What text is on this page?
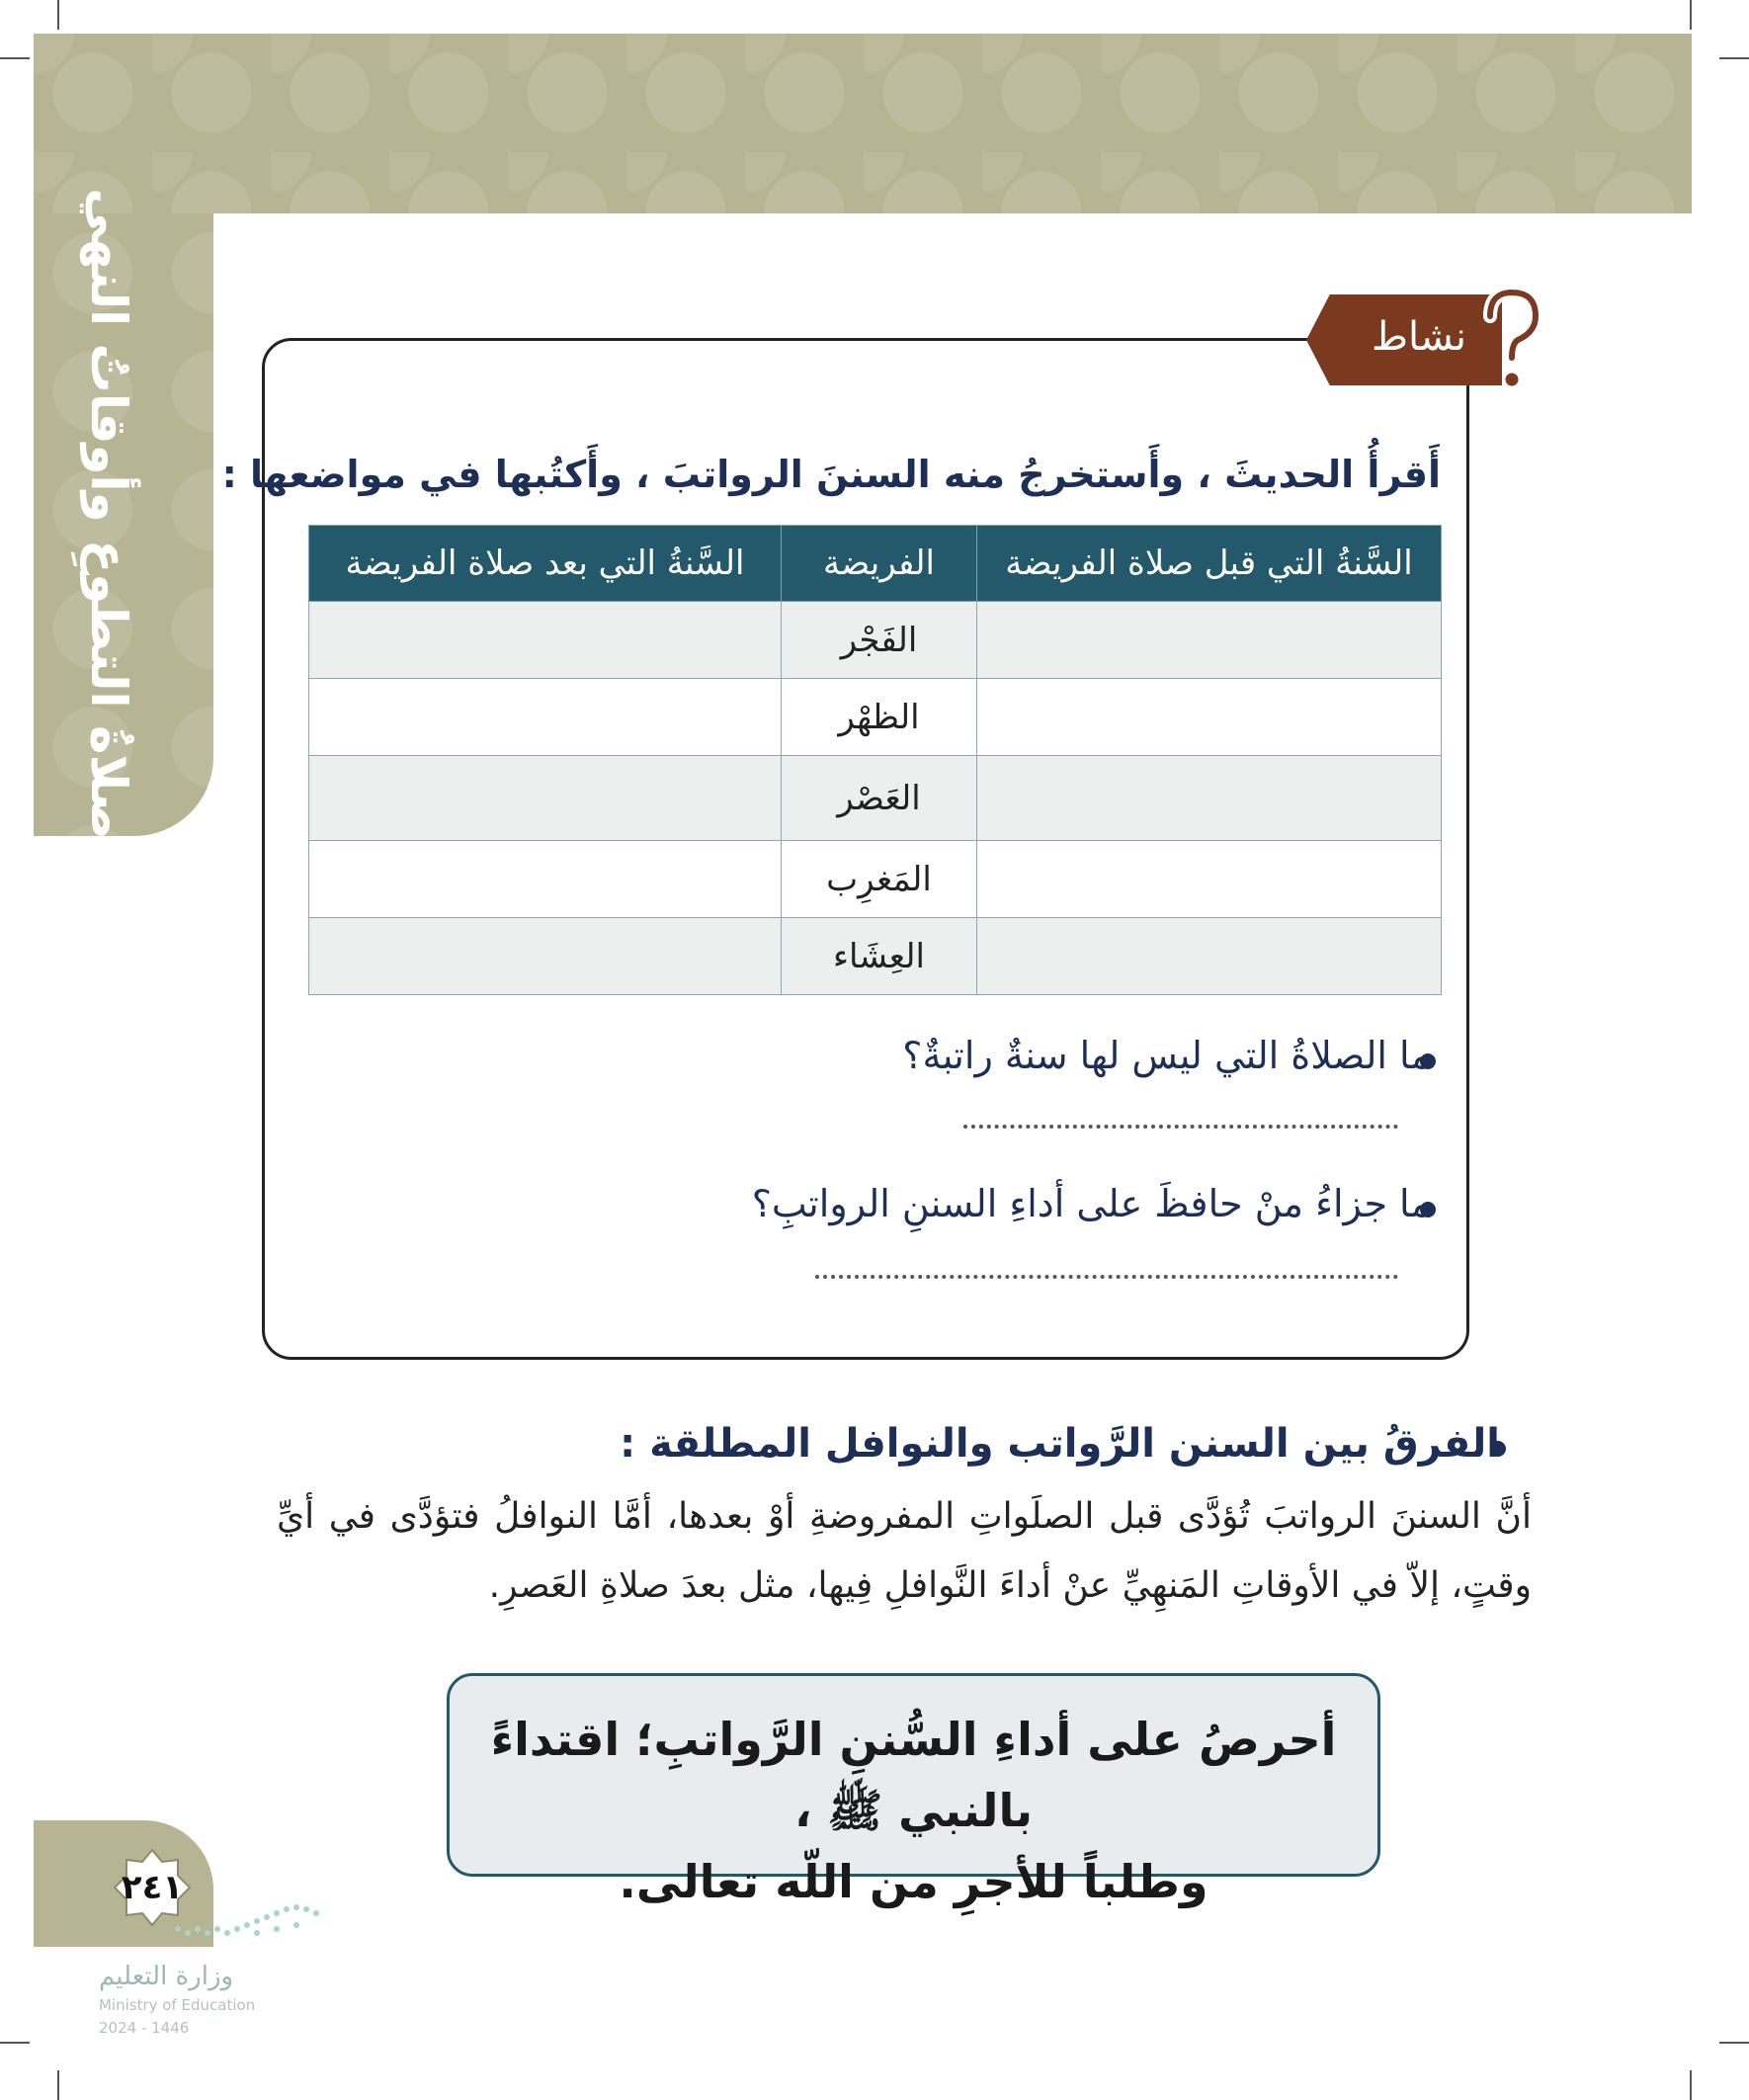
صلاةُ التطوعِ وأوقاتُ النهي	نشاط
أَقرأُ الحديثَ ، وأَستخرجُ منه السننَ الرواتبَ ، وأَكتُبها في مواضعها :
السَّنةُ التي قبل صلاة الفريضة	الفريضة	السَّنةُ التي بعد صلاة الفريضة
	الفَجْر	
	الظهْر	
	العَصْر	
	المَغرِب	
	العِشَاء	
ما الصلاةُ التي ليس لها سنةٌ راتبةٌ؟
ما جزاءُ منْ حافظَ على أداءِ السننِ الرواتبِ؟
الفرقُ بين السنن الرَّواتب والنوافل المطلقة :
أنَّ السننَ الرواتبَ تُؤدَّى قبل الصلَواتِ المفروضةِ أوْ بعدها، أمَّا النوافلُ فتؤدَّى في أيِّ وقتٍ، إلاّ في الأوقاتِ المَنهِيِّ عنْ أداءَ النَّوافلِ فِيها، مثل بعدَ صلاةِ العَصرِ.
أحرصُ على أداءِ السُّننِ الرَّواتبِ؛ اقتداءً بالنبي ﷺ ،
وطلباً للأجرِ من اللّه تعالى.
٢٤١
وزارة التعليم
Ministry of Education
2024 - 1446
